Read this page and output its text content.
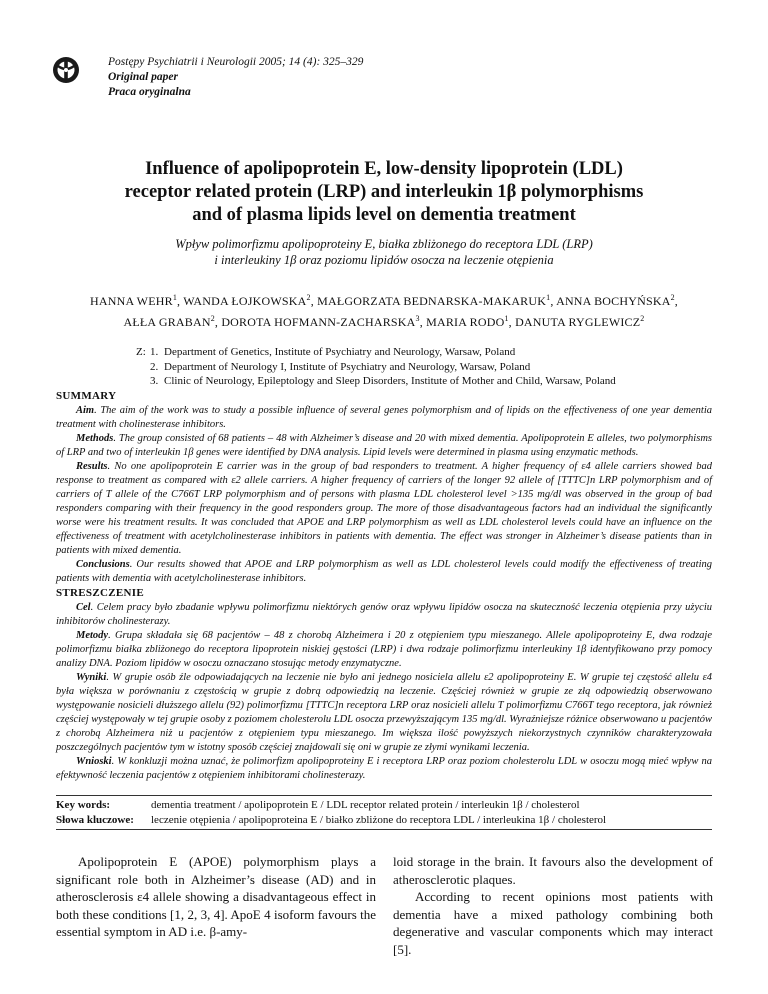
Postępy Psychiatrii i Neurologii 2005; 14 (4): 325–329
Original paper
Praca oryginalna
Influence of apolipoprotein E, low-density lipoprotein (LDL)
receptor related protein (LRP) and interleukin 1β polymorphisms
and of plasma lipids level on dementia treatment
Wpływ polimorfizmu apolipoproteiny E, białka zbliżonego do receptora LDL (LRP)
i interleukiny 1β oraz poziomu lipidów osocza na leczenie otępienia
HANNA WEHR$^1$, WANDA ŁOJKOWSKA$^2$, MAŁGORZATA BEDNARSKA-MAKARUK$^1$, ANNA BOCHYŃSKA$^2$,
AŁŁA GRABAN$^2$, DOROTA HOFMANN-ZACHARSKA$^3$, MARIA RODO$^1$, DANUTA RYGLEWICZ$^2$
Z: 1. Department of Genetics, Institute of Psychiatry and Neurology, Warsaw, Poland
2. Department of Neurology I, Institute of Psychiatry and Neurology, Warsaw, Poland
3. Clinic of Neurology, Epileptology and Sleep Disorders, Institute of Mother and Child, Warsaw, Poland
SUMMARY

Aim. The aim of the work was to study a possible influence of several genes polymorphism and of lipids on the effectiveness of one year dementia treatment with cholinesterase inhibitors.

Methods. The group consisted of 68 patients – 48 with Alzheimer’s disease and 20 with mixed dementia. Apolipoprotein E alleles, two polymorphisms of LRP and two of interleukin 1β genes were identified by DNA analysis. Lipid levels were determined in plasma using enzymatic methods.

Results. No one apolipoprotein E carrier was in the group of bad responders to treatment. A higher frequency of ε4 allele carriers showed bad response to treatment as compared with ε2 allele carriers. A higher frequency of carriers of the longer 92 allele of [TTTC]n LRP polymorphism and of carriers of T allele of the C766T LRP polymorphism and of persons with plasma LDL cholesterol level >135 mg/dl was observed in the group of bad responders comparing with their frequency in the good responders group. The more of those disadvantageous factors had an individual the significantly worse were his treatment results. It was concluded that APOE and LRP polymorphism as well as LDL cholesterol levels could have an influence on the effectiveness of treatment with acetylcholinesterase inhibitors in patients with dementia. The effect was stronger in Alzheimer’s disease patients than in patients with mixed dementia.

Conclusions. Our results showed that APOE and LRP polymorphism as well as LDL cholesterol levels could modify the effectiveness of treating patients with dementia with acetylcholinesterase inhibitors.

STRESZCZENIE

Cel. Celem pracy było zbadanie wpływu polimorfizmu niektórych genów oraz wpływu lipidów osocza na skuteczność leczenia otępienia przy użyciu inhibitorów cholinesterazy.

Metody. Grupa składała się 68 pacjentów – 48 z chorobą Alzheimera i 20 z otępieniem typu mieszanego. Allele apolipoproteiny E, dwa rodzaje polimorfizmu białka zbliżonego do receptora lipoprotein niskiej gęstości (LRP) i dwa rodzaje polimorfizmu interleukiny 1β identyfikowano przy pomocy analizy DNA. Poziom lipidów w osoczu oznaczano stosując metody enzymatyczne.

Wyniki. W grupie osób źle odpowiadających na leczenie nie było ani jednego nosiciela allelu ε2 apolipoproteiny E. W grupie tej częstość allelu ε4 była większa w porównaniu z częstością w grupie z dobrą odpowiedzią na leczenie. Częściej również w grupie ze złą odpowiedzią obserwowano występowanie nosicieli dłuższego allelu (92) polimorfizmu [TTTC]n receptora LRP oraz nosicieli allelu T polimorfizmu C766T tego receptora, jak również częściej występowały w tej grupie osoby z poziomem cholesterolu LDL osocza przewyższającym 135 mg/dl. Wyraźniejsze różnice obserwowano u pacjentów z chorobą Alzheimera niż u pacjentów z otępieniem typu mieszanego. Im większa ilość powyższych niekorzystnych czynników charakteryzowała poszczególnych pacjentów tym w istotny sposób częściej znajdowali się oni w grupie ze złymi wynikami leczenia.

Wnioski. W konkluzji można uznać, że polimorfizm apolipoproteiny E i receptora LRP oraz poziom cholesterolu LDL w osoczu mogą mieć wpływ na efektywność leczenia pacjentów z otępieniem inhibitorami cholinesterazy.

Key words:	dementia treatment / apolipoprotein E / LDL receptor related protein / interleukin 1β / cholesterol
Słowa kluczowe:	leczenie otępienia / apolipoproteina E / białko zbliżone do receptora LDL / interleukina 1β / cholesterol

Apolipoprotein E (APOE) polymorphism plays a significant role both in Alzheimer’s disease (AD) and in atherosclerosis ε4 allele showing a disadvantageous effect in both these conditions [1, 2, 3, 4]. ApoE 4 isoform favours the essential symptom in AD i.e. β-amy-

loid storage in the brain. It favours also the development of atherosclerotic plaques.

According to recent opinions most patients with dementia have a mixed pathology combining both degenerative and vascular components which may interact [5].
